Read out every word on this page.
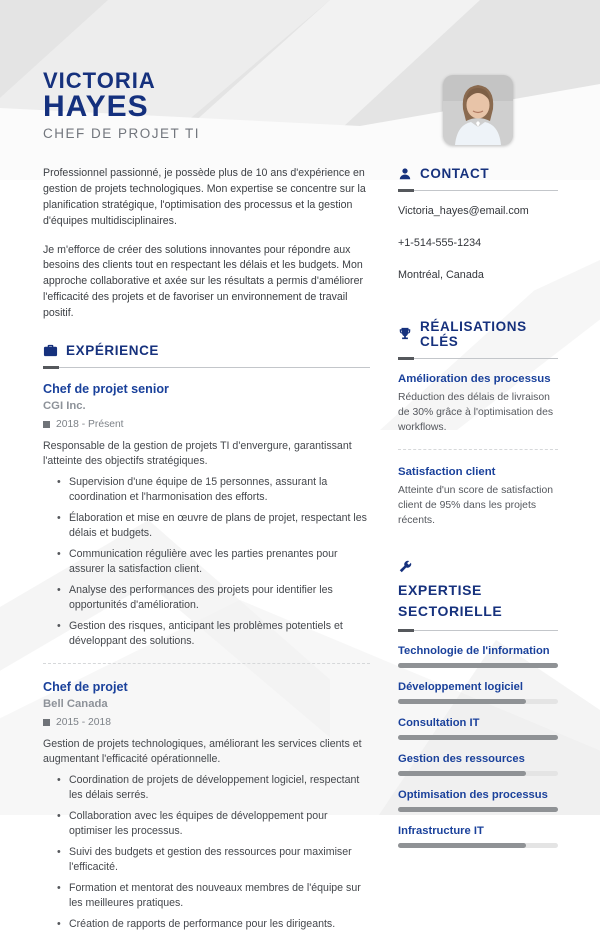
VICTORIA
HAYES
CHEF DE PROJET TI

Professionnel passionné, je possède plus de 10 ans d'expérience en gestion de projets technologiques. Mon expertise se concentre sur la planification stratégique, l'optimisation des processus et la gestion d'équipes multidisciplinaires.

Je m'efforce de créer des solutions innovantes pour répondre aux besoins des clients tout en respectant les délais et les budgets. Mon approche collaborative et axée sur les résultats a permis d'améliorer l'efficacité des projets et de favoriser un environnement de travail positif.

EXPÉRIENCE
Chef de projet senior
CGI Inc.
2018 - Présent
Responsable de la gestion de projets TI d'envergure, garantissant l'atteinte des objectifs stratégiques.
• Supervision d'une équipe de 15 personnes, assurant la coordination et l'harmonisation des efforts.
• Élaboration et mise en œuvre de plans de projet, respectant les délais et budgets.
• Communication régulière avec les parties prenantes pour assurer la satisfaction client.
• Analyse des performances des projets pour identifier les opportunités d'amélioration.
• Gestion des risques, anticipant les problèmes potentiels et développant des solutions.
Chef de projet
Bell Canada
2015 - 2018
Gestion de projets technologiques, améliorant les services clients et augmentant l'efficacité opérationnelle.
• Coordination de projets de développement logiciel, respectant les délais serrés.
• Collaboration avec les équipes de développement pour optimiser les processus.
• Suivi des budgets et gestion des ressources pour maximiser l'efficacité.
• Formation et mentorat des nouveaux membres de l'équipe sur les meilleures pratiques.
• Création de rapports de performance pour les dirigeants.
CONTACT
Victoria_hayes@email.com
+1-514-555-1234
Montréal, Canada
RÉALISATIONS CLÉS
Amélioration des processus
Réduction des délais de livraison de 30% grâce à l'optimisation des workflows.
Satisfaction client
Atteinte d'un score de satisfaction client de 95% dans les projets récents.
EXPERTISE SECTORIELLE
Technologie de l'information
Développement logiciel
Consultation IT
Gestion des ressources
Optimisation des processus
Infrastructure IT
